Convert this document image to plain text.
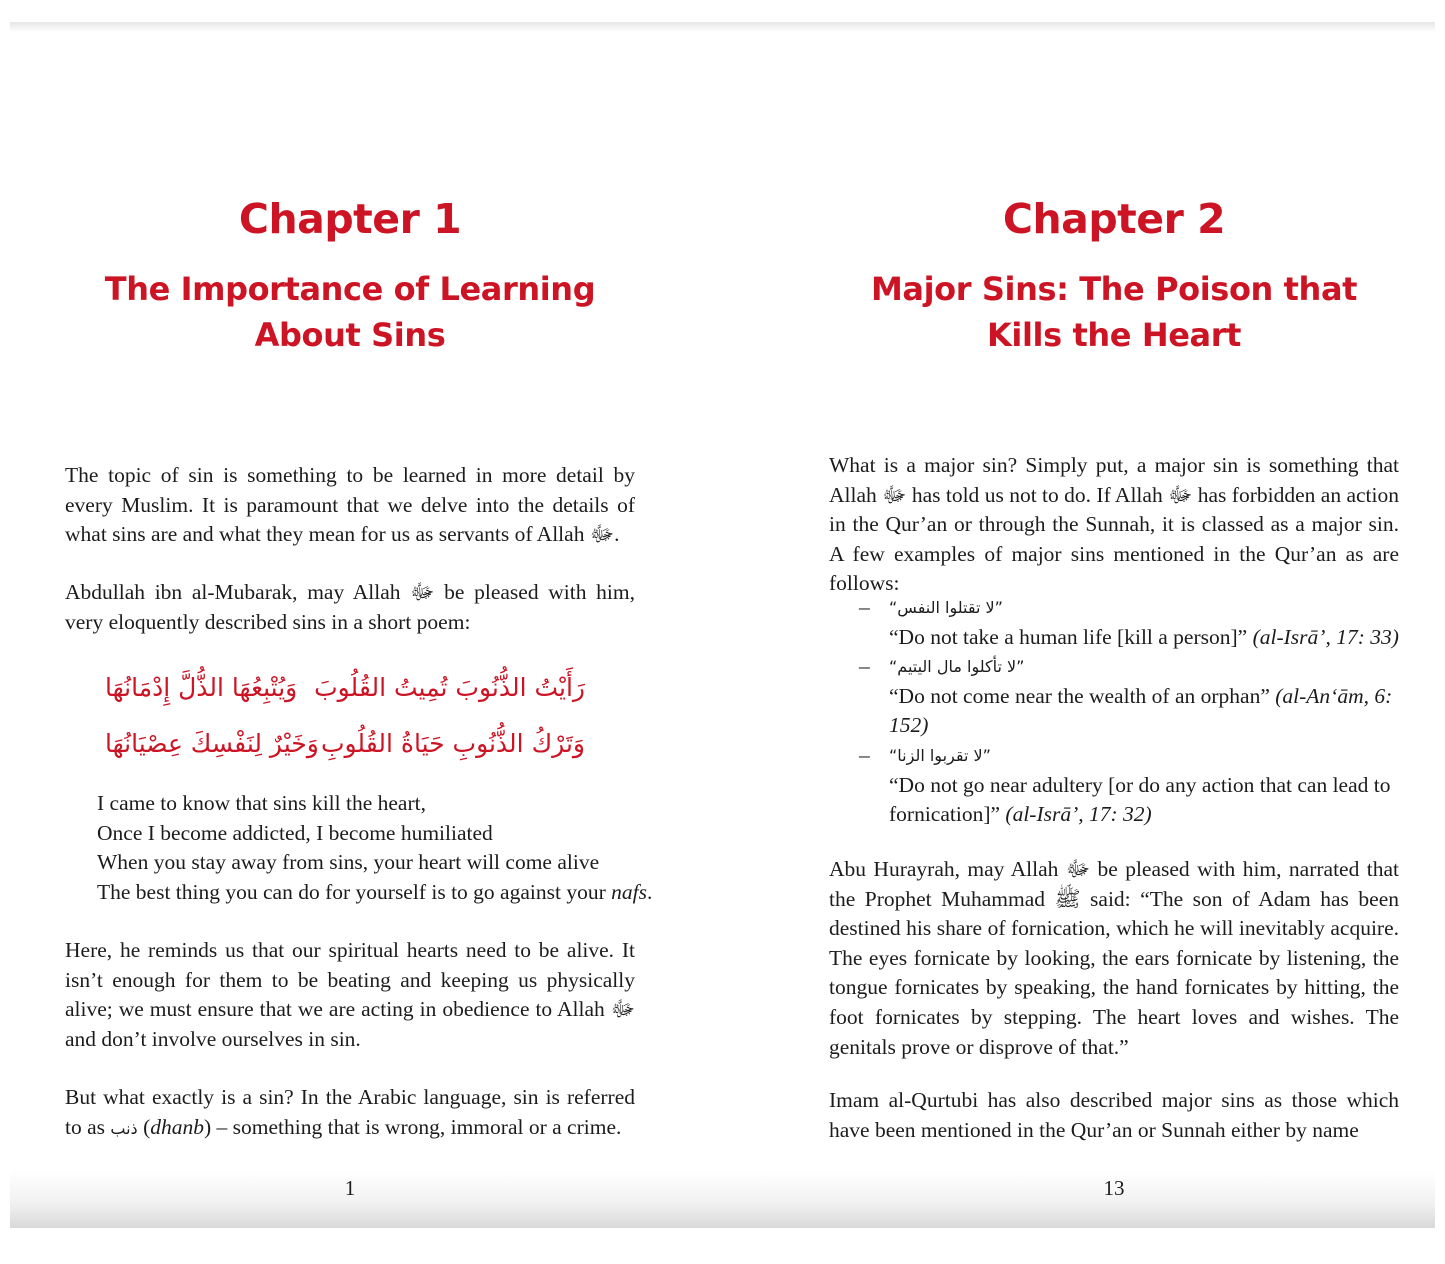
Chapter 1
The Importance of Learning
About Sins

The topic of sin is something to be learned in more detail by every Muslim. It is paramount that we delve into the details of what sins are and what they mean for us as servants of Allah ﷻ.

Abdullah ibn al-Mubarak, may Allah ﷻ be pleased with him, very eloquently described sins in a short poem:

رَأَيْتُ الذُّنُوبَ تُمِيتُ القُلُوبَ
وَيُتْبِعُهَا الذُّلَّ إِدْمَانُهَا
وَتَرْكُ الذُّنُوبِ حَيَاةُ القُلُوبِ
وَخَيْرٌ لِنَفْسِكَ عِصْيَانُهَا
I came to know that sins kill the heart,
Once I become addicted, I become humiliated
When you stay away from sins, your heart will come alive
The best thing you can do for yourself is to go against your nafs.

Here, he reminds us that our spiritual hearts need to be alive. It isn’t enough for them to be beating and keeping us physically alive; we must ensure that we are acting in obedience to Allah ﷻ and don’t involve ourselves in sin.

But what exactly is a sin? In the Arabic language, sin is referred to as ذنب (dhanb) – something that is wrong, immoral or a crime.

1
Chapter 2
Major Sins: The Poison that
Kills the Heart

What is a major sin? Simply put, a major sin is something that Allah ﷻ has told us not to do. If Allah ﷻ has forbidden an action in the Qur’an or through the Sunnah, it is classed as a major sin. A few examples of major sins mentioned in the Qur’an as are follows:

– “لا تقتلوا النفس”
“Do not take a human life [kill a person]” (al-Isrā’, 17: 33)
– “لا تأكلوا مال اليتيم”
“Do not come near the wealth of an orphan” (al-An‘ām, 6: 152)
– “لا تقربوا الزنا”
“Do not go near adultery [or do any action that can lead to fornication]” (al-Isrā’, 17: 32)

Abu Hurayrah, may Allah ﷻ be pleased with him, narrated that the Prophet Muhammad ﷺ said: “The son of Adam has been destined his share of fornication, which he will inevitably acquire. The eyes fornicate by looking, the ears fornicate by listening, the tongue fornicates by speaking, the hand fornicates by hitting, the foot fornicates by stepping. The heart loves and wishes. The genitals prove or disprove of that.”

Imam al-Qurtubi has also described major sins as those which have been mentioned in the Qur’an or Sunnah either by name

13
